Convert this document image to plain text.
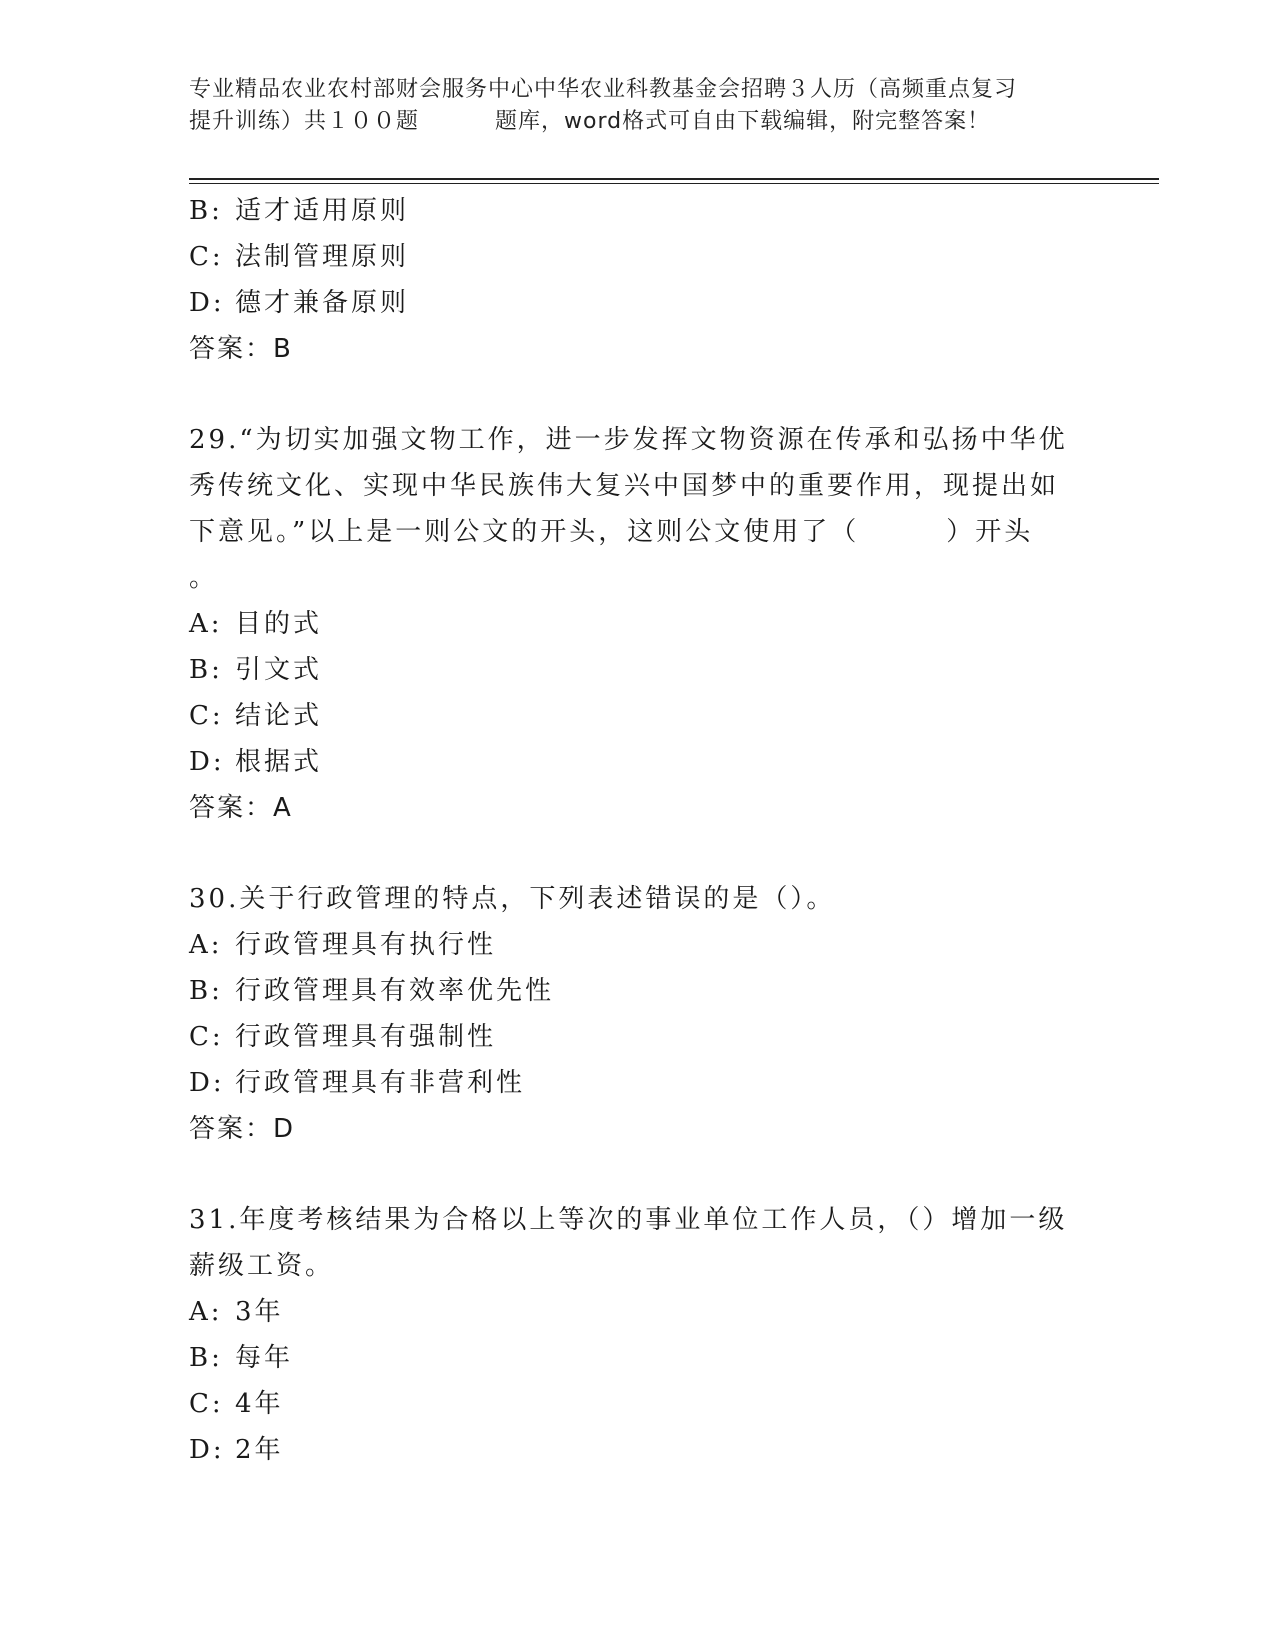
专业精品农业农村部财会服务中心中华农业科教基金会招聘３人历（高频重点复习
提升训练）共１００题	题库，word格式可自由下载编辑，附完整答案！
B: 适才适用原则
C: 法制管理原则
D: 德才兼备原则
答案：B
29.“为切实加强文物工作，进一步发挥文物资源在传承和弘扬中华优
秀传统文化、实现中华民族伟大复兴中国梦中的重要作用，现提出如
下意见。”以上是一则公文的开头，这则公文使用了（　　　）开头
。
A: 目的式
B: 引文式
C: 结论式
D: 根据式
答案：A
30.关于行政管理的特点，下列表述错误的是（）。
A: 行政管理具有执行性
B: 行政管理具有效率优先性
C: 行政管理具有强制性
D: 行政管理具有非营利性
答案：D
31.年度考核结果为合格以上等次的事业单位工作人员，（）增加一级
薪级工资。
A: 3年
B: 每年
C: 4年
D: 2年
